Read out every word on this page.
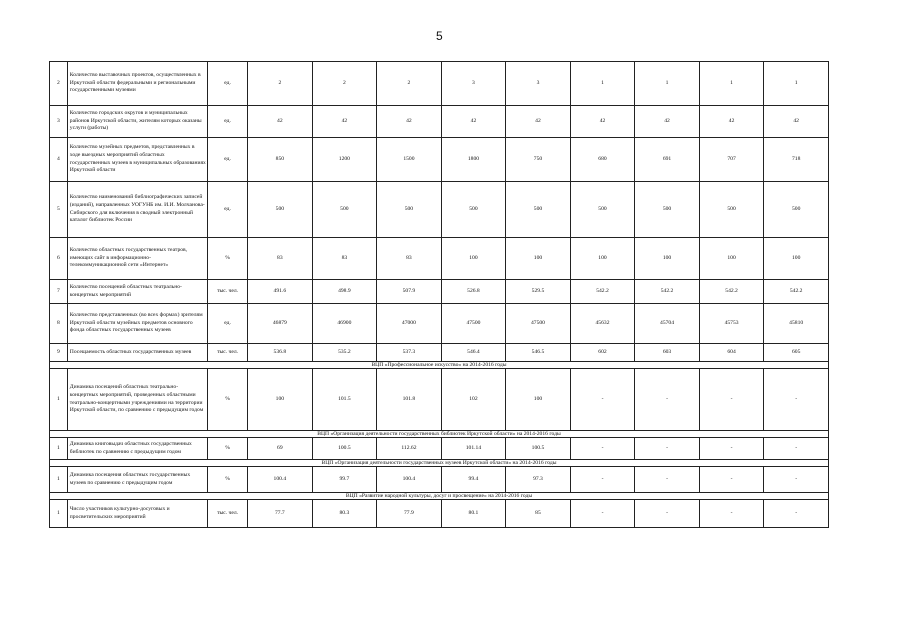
5
2	Количество выставочных проектов, осуществленных в Иркутской области федеральными и региональными государственными музеями	ед.	2	2	2	3	3	1	1	1	1
3	Количество городских округов и муниципальных районов Иркутской области, жителям которых оказаны услуги (работы)	ед.	42	42	42	42	42	42	42	42	42
4	Количество музейных предметов, представленных в ходе выездных мероприятий областных государственных музеев в муниципальных образованиях Иркутской области	ед.	850	1200	1500	1800	750	680	691	707	718
5	Количество наименований библиографических записей (изданий), направленных УОГУНБ им. И.И. Молчанова-Сибирского для включения в сводный электронный каталог библиотек России	ед.	500	500	500	500	500	500	500	500	500
6	Количество областных государственных театров, имеющих сайт в информационно-телекоммуникационной сети «Интернет»	%	83	83	83	100	100	100	100	100	100
7	Количество посещений областных театрально-концертных мероприятий	тыс. чел.	491.6	498.9	507.9	526.8	529.5	542.2	542.2	542.2	542.2
8	Количество представленных (во всех формах) зрителям Иркутской области музейных предметов основного фонда областных государственных музеев	ед.	46879	46900	47000	47500	47500	45632	45704	45753	45810
9	Посещаемость областных государственных музеев	тыс. чел.	536.8	535.2	537.3	546.4	546.5	602	603	604	605
ВЦП «Профессиональное искусство» на 2014-2016 годы											
1	Динамика посещений областных театрально-концертных мероприятий, проведенных областными театрально-концертными учреждениями на территории Иркутской области, по сравнению с предыдущим годом	%	100	101.5	101.8	102	100	-	-	-	-
ВЦП «Организация деятельности государственных библиотек Иркутской области» на 2014-2016 годы											
1	Динамика книговыдач областных государственных библиотек по сравнению с предыдущим годом	%	69	100.5	112.62	101.14	100.5	-	-	-	-
ВЦП «Организация деятельности государственных музеев Иркутской области» на 2014-2016 годы											
1	Динамика посещения областных государственных музеев по сравнению с предыдущим годом	%	100.4	99.7	100.4	99.4	97.3	-	-	-	-
ВЦП «Развитие народной культуры, досуг и просвещение» на 2014-2016 годы											
1	Число участников культурно-досуговых и просветительских мероприятий	тыс. чел.	77.7	80.3	77.9	80.1	85	-	-	-	-
